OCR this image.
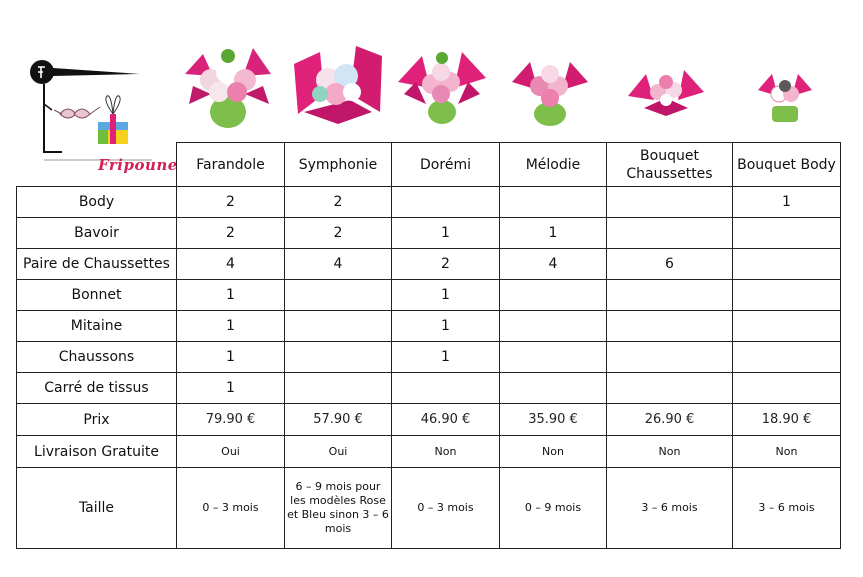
Fripoune
	Farandole	Symphonie	Dorémi	Mélodie	Bouquet Chaussettes	Bouquet Body
Body	2	2				1
Bavoir	2	2	1	1		
Paire de Chaussettes	4	4	2	4	6	
Bonnet	1		1			
Mitaine	1		1			
Chaussons	1		1			
Carré de tissus	1					
Prix	79.90 €	57.90 €	46.90 €	35.90 €	26.90 €	18.90 €
Livraison Gratuite	Oui	Oui	Non	Non	Non	Non
Taille	0 – 3 mois	6 – 9 mois pour les modèles Rose et Bleu sinon 3 – 6 mois	0 – 3 mois	0 – 9 mois	3 – 6 mois	3 – 6 mois
